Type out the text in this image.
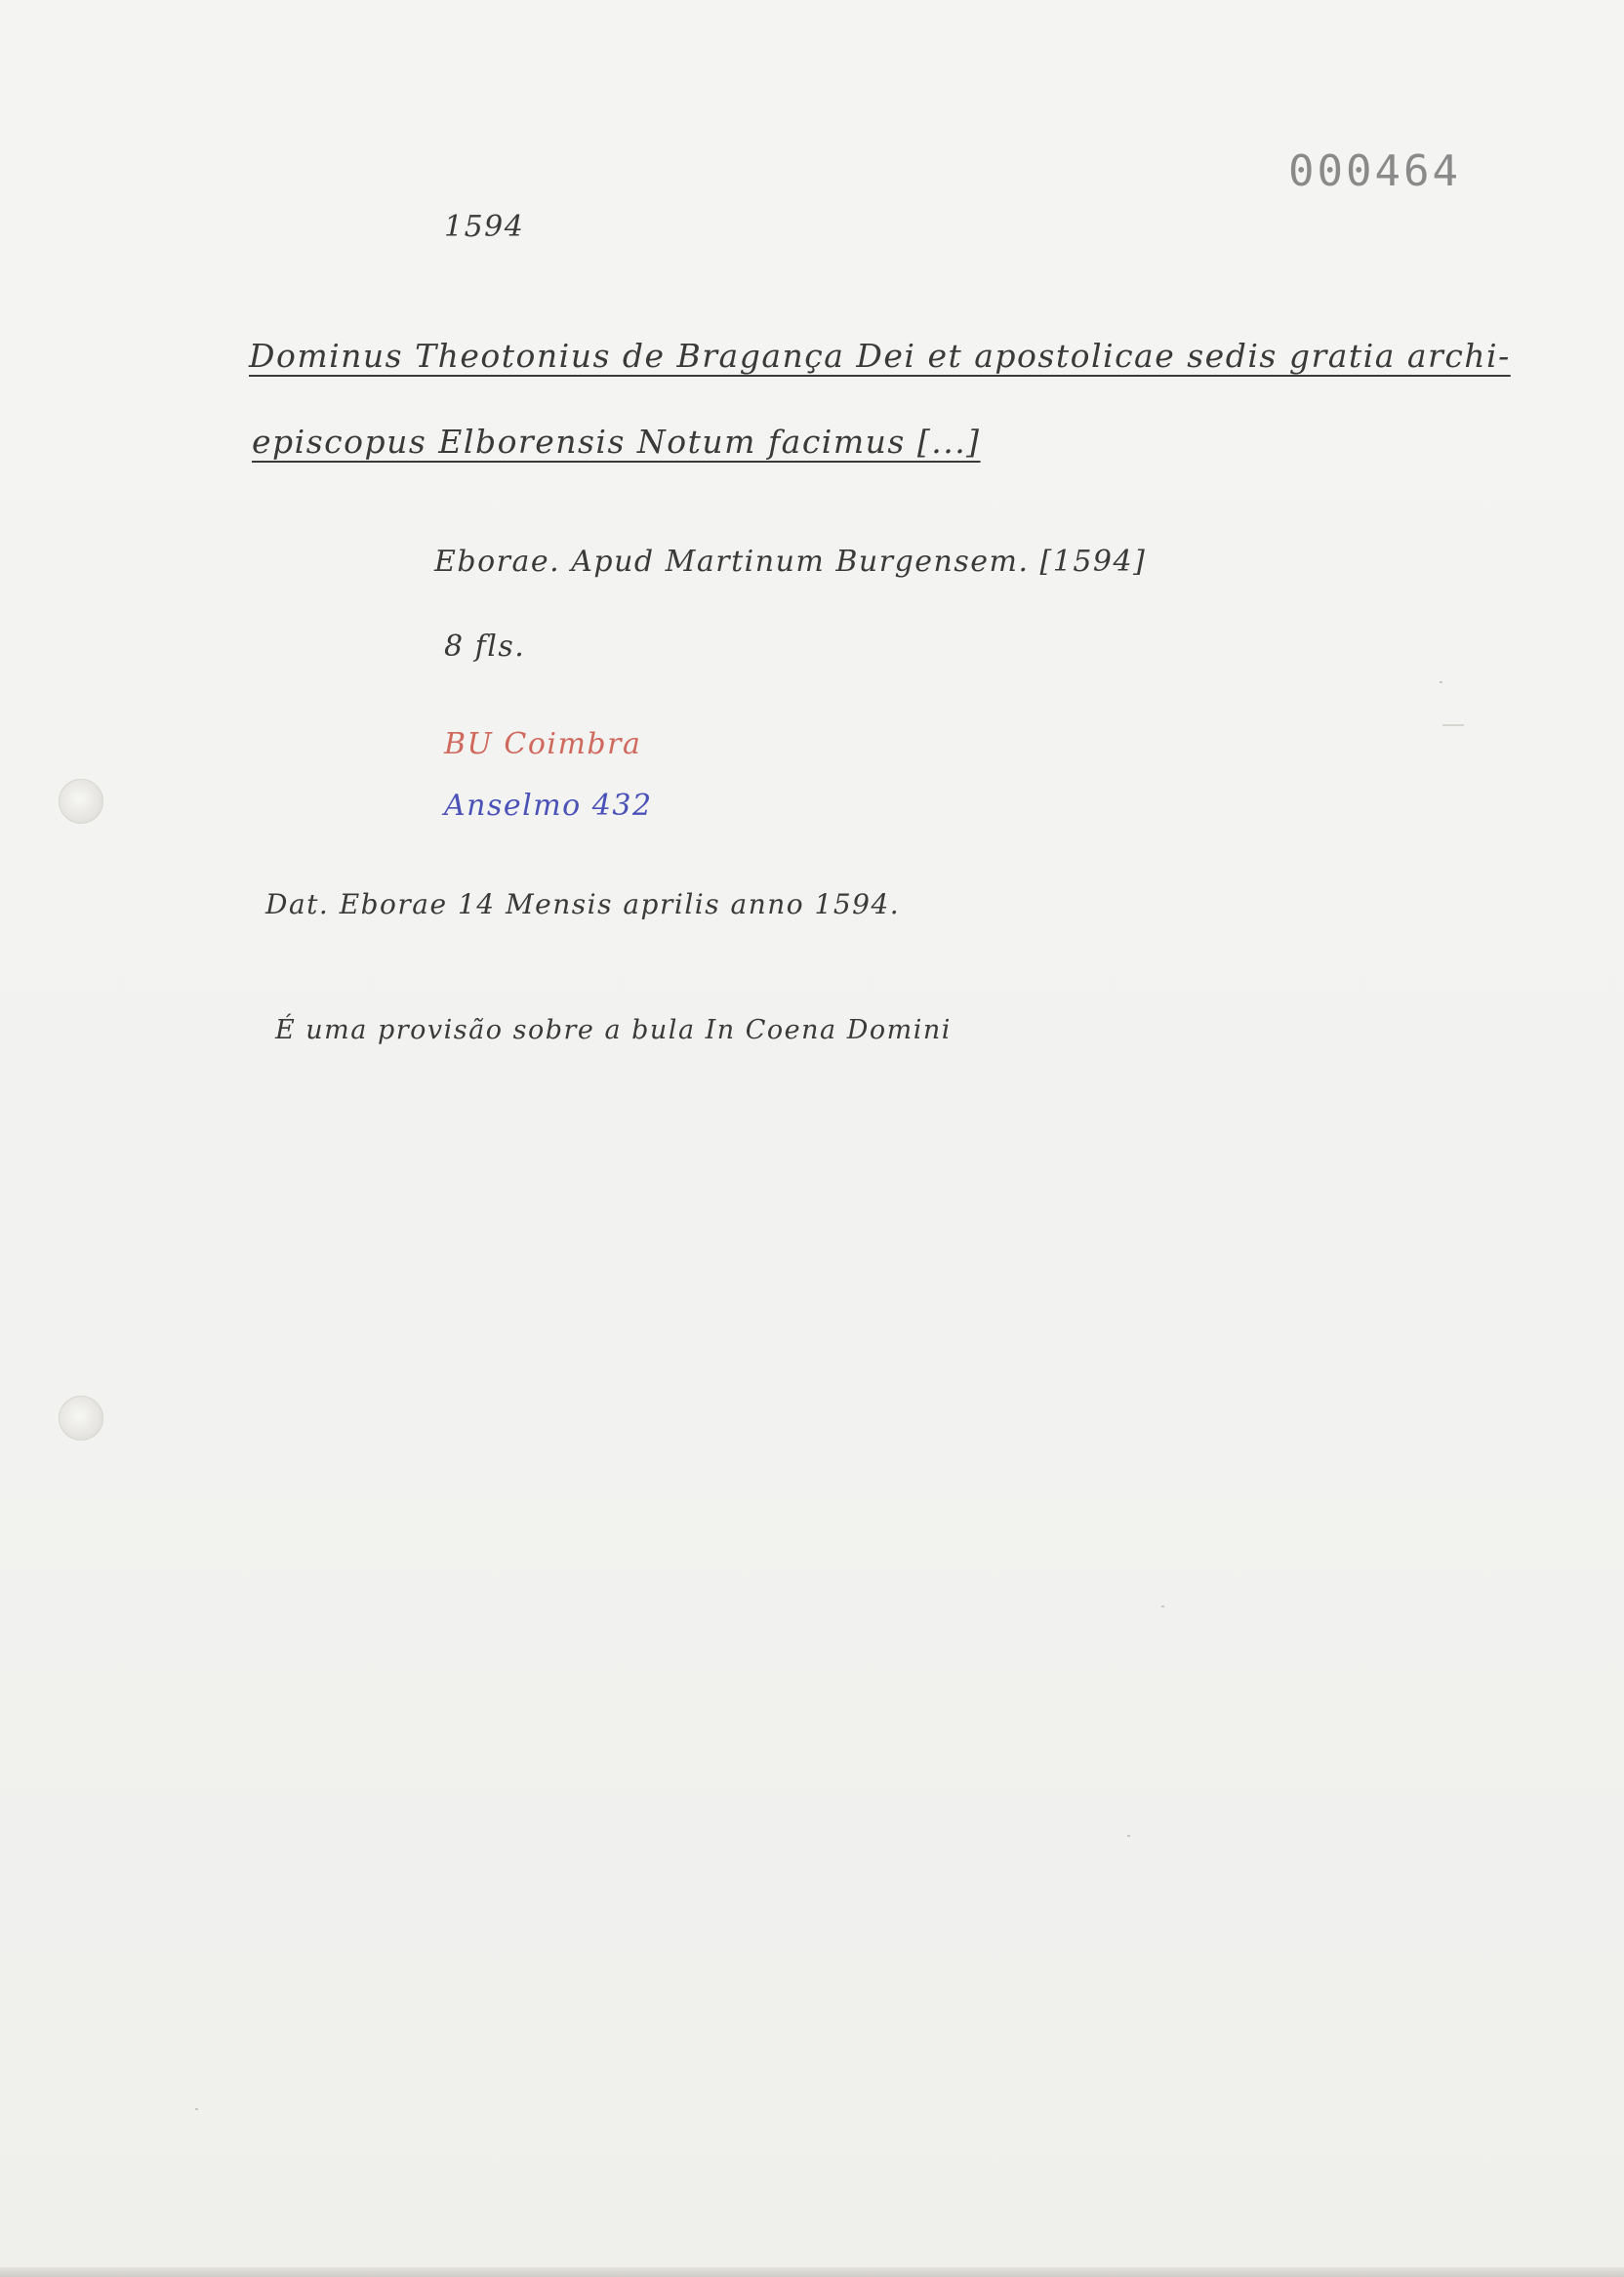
000464
1594
Dominus Theotonius de Bragança Dei et apostolicae sedis gratia archi-
episcopus Elborensis Notum facimus [...]
Eborae. Apud Martinum Burgensem. [1594]
8 fls.
BU Coimbra
Anselmo 432
Dat. Eborae 14 Mensis aprilis anno 1594.
É uma provisão sobre a bula In Coena Domini
